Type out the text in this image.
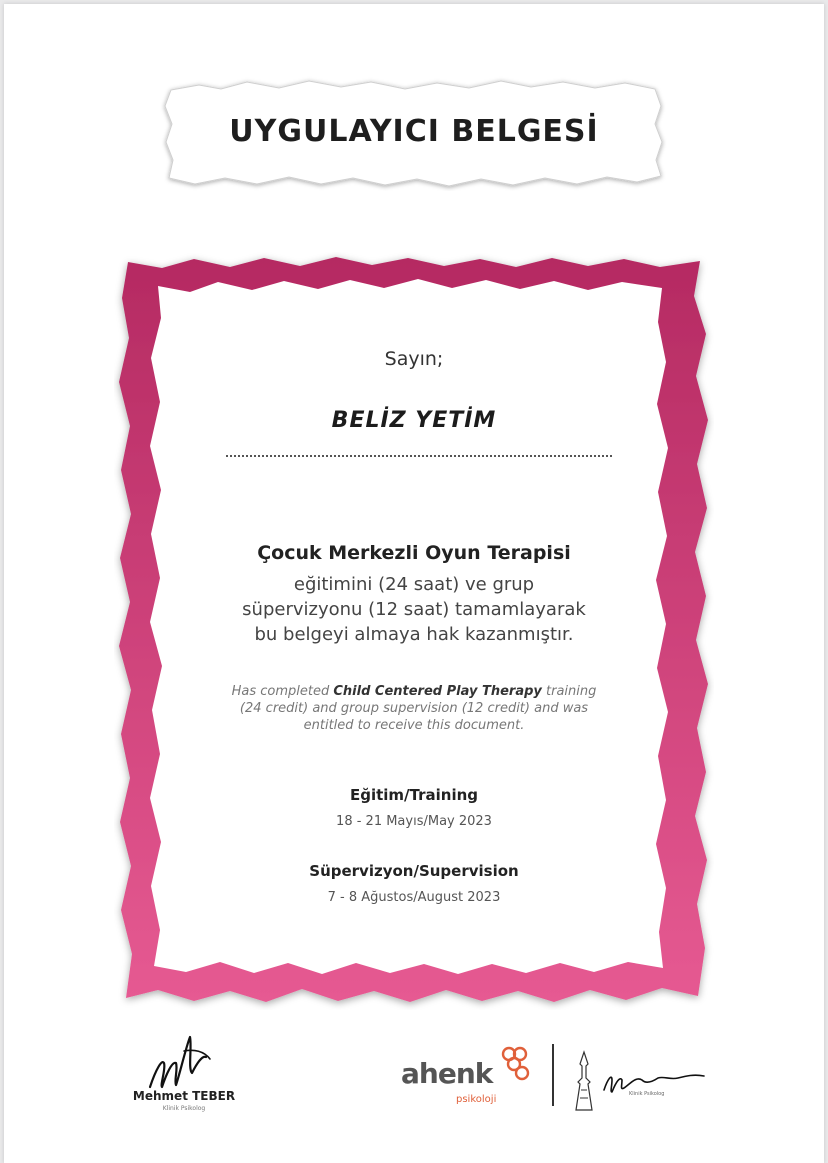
UYGULAYICI BELGESİ
Sayın;
BELİZ YETİM
Çocuk Merkezli Oyun Terapisi
eğitimini (24 saat) ve grup
süpervizyonu (12 saat) tamamlayarak
bu belgeyi almaya hak kazanmıştır.
Has completed Child Centered Play Therapy training
(24 credit) and group supervision (12 credit) and was
entitled to receive this document.
Eğitim/Training
18 - 21 Mayıs/May 2023
Süpervizyon/Supervision
7 - 8 Ağustos/August 2023
Mehmet TEBER
Klinik Psikolog
ahenk
psikoloji	Klinik Psikolog
